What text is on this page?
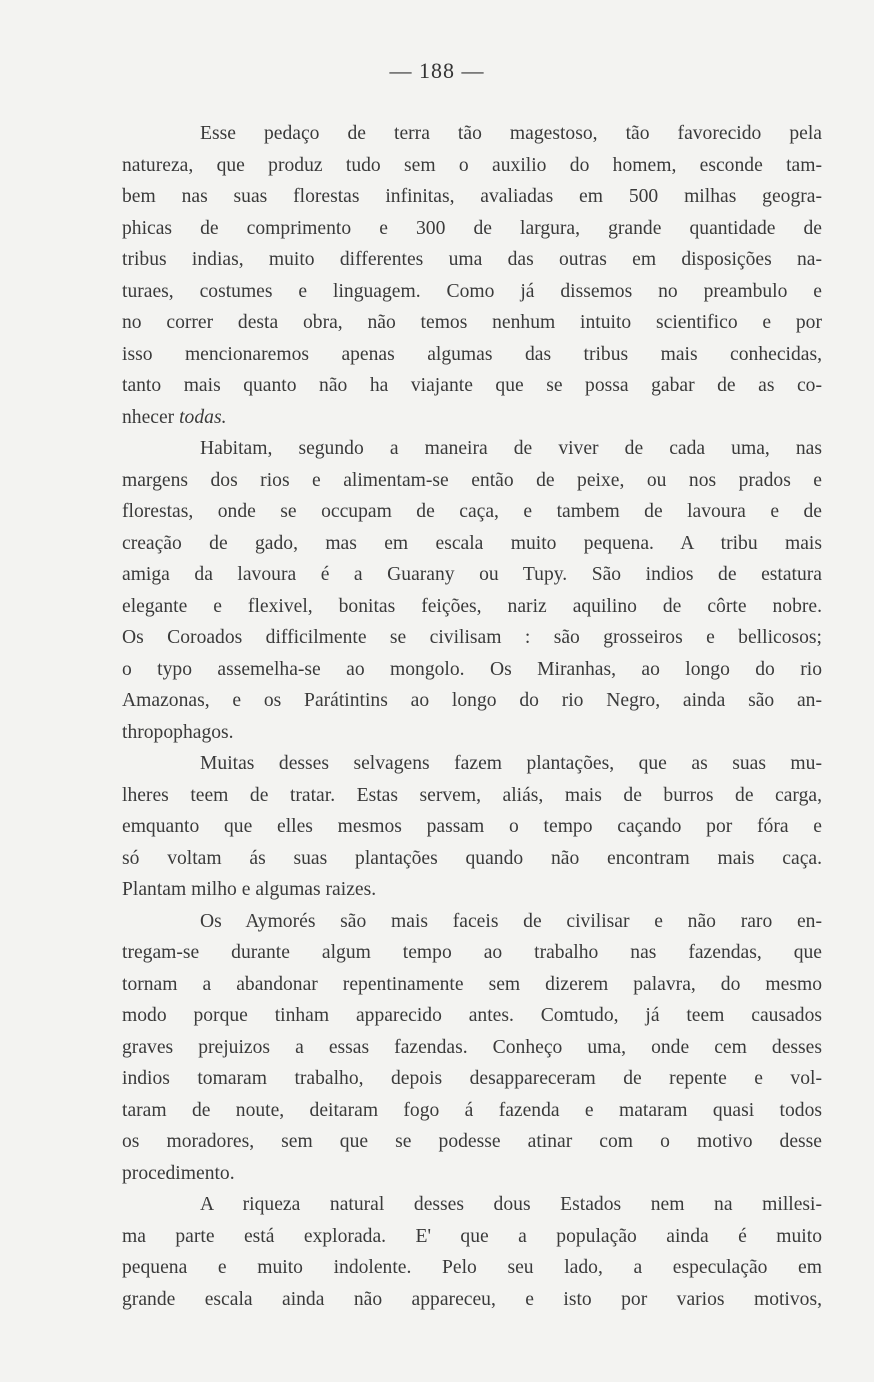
— 188 —
Esse pedaço de terra tão magestoso, tão favorecido pela
natureza, que produz tudo sem o auxilio do homem, esconde tam-
bem nas suas florestas infinitas, avaliadas em 500 milhas geogra-
phicas de comprimento e 300 de largura, grande quantidade de
tribus indias, muito differentes uma das outras em disposições na-
turaes, costumes e linguagem. Como já dissemos no preambulo e
no correr desta obra, não temos nenhum intuito scientifico e por
isso mencionaremos apenas algumas das tribus mais conhecidas,
tanto mais quanto não ha viajante que se possa gabar de as co-
nhecer todas.
Habitam, segundo a maneira de viver de cada uma, nas
margens dos rios e alimentam-se então de peixe, ou nos prados e
florestas, onde se occupam de caça, e tambem de lavoura e de
creação de gado, mas em escala muito pequena. A tribu mais
amiga da lavoura é a Guarany ou Tupy. São indios de estatura
elegante e flexivel, bonitas feições, nariz aquilino de côrte nobre.
Os Coroados difficilmente se civilisam : são grosseiros e bellicosos;
o typo assemelha-se ao mongolo. Os Miranhas, ao longo do rio
Amazonas, e os Parátintins ao longo do rio Negro, ainda são an-
thropophagos.
Muitas desses selvagens fazem plantações, que as suas mu-
lheres teem de tratar. Estas servem, aliás, mais de burros de carga,
emquanto que elles mesmos passam o tempo caçando por fóra e
só voltam ás suas plantações quando não encontram mais caça.
Plantam milho e algumas raizes.
Os Aymorés são mais faceis de civilisar e não raro en-
tregam-se durante algum tempo ao trabalho nas fazendas, que
tornam a abandonar repentinamente sem dizerem palavra, do mesmo
modo porque tinham apparecido antes. Comtudo, já teem causados
graves prejuizos a essas fazendas. Conheço uma, onde cem desses
indios tomaram trabalho, depois desappareceram de repente e vol-
taram de noute, deitaram fogo á fazenda e mataram quasi todos
os moradores, sem que se podesse atinar com o motivo desse
procedimento.
A riqueza natural desses dous Estados nem na millesi-
ma parte está explorada. E' que a população ainda é muito
pequena e muito indolente. Pelo seu lado, a especulação em
grande escala ainda não appareceu, e isto por varios motivos,
